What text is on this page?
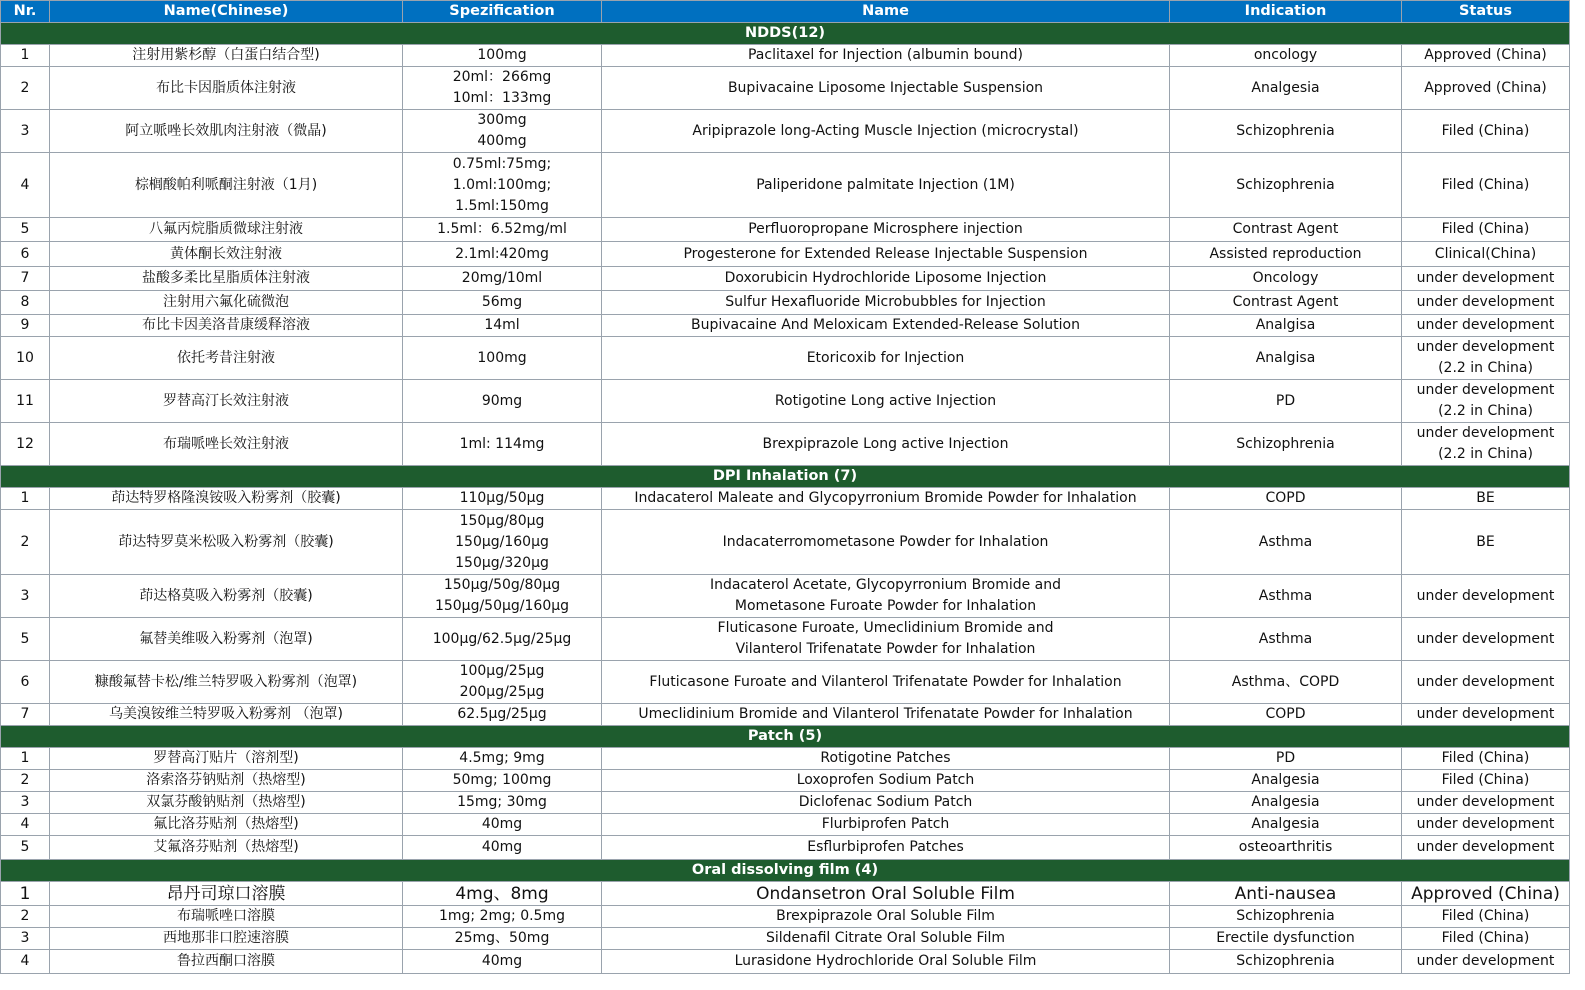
Nr.	Name(Chinese)	Spezification	Name	Indication	Status
NDDS(12)					
1	注射用紫杉醇（白蛋白结合型)	100mg	Paclitaxel for Injection (albumin bound)	oncology	Approved (China)

2	布比卡因脂质体注射液	20ml：266mg
10ml：133mg	Bupivacaine Liposome Injectable Suspension	Analgesia	Approved (China)

3	阿立哌唑长效肌肉注射液（微晶)	300mg
400mg	Aripiprazole long-Acting Muscle Injection (microcrystal)	Schizophrenia	Filed (China)

4	棕榈酸帕利哌酮注射液（1月)	0.75ml:75mg;
1.0ml:100mg;
1.5ml:150mg	Paliperidone palmitate Injection (1M)	Schizophrenia	Filed (China)

5	八氟丙烷脂质微球注射液	1.5ml：6.52mg/ml	Perfluoropropane Microsphere injection	Contrast Agent	Filed (China)

6	黄体酮长效注射液	2.1ml:420mg	Progesterone for Extended Release Injectable Suspension	Assisted reproduction	Clinical(China)

7	盐酸多柔比星脂质体注射液	20mg/10ml	Doxorubicin Hydrochloride Liposome Injection	Oncology	under development

8	注射用六氟化硫微泡	56mg	Sulfur Hexafluoride Microbubbles for Injection	Contrast Agent	under development

9	布比卡因美洛昔康缓释溶液	14ml	Bupivacaine And Meloxicam Extended-Release Solution	Analgisa	under development

10	依托考昔注射液	100mg	Etoricoxib for Injection	Analgisa	under development
(2.2 in China)

11	罗替高汀长效注射液	90mg	Rotigotine Long active Injection	PD	under development
(2.2 in China)

12	布瑞哌唑长效注射液	1ml: 114mg	Brexpiprazole Long active Injection	Schizophrenia	under development
(2.2 in China)

DPI Inhalation (7)					
1	茚达特罗格隆溴铵吸入粉雾剂（胶囊)	110μg/50μg	Indacaterol Maleate and Glycopyrronium Bromide Powder for Inhalation	COPD	BE

2	茚达特罗莫米松吸入粉雾剂（胶囊)	150μg/80μg
150μg/160μg
150μg/320μg	Indacaterromometasone Powder for Inhalation	Asthma	BE

3	茚达格莫吸入粉雾剂（胶囊)	150μg/50g/80μg
150μg/50μg/160μg	Indacaterol Acetate, Glycopyrronium Bromide and
Mometasone Furoate Powder for Inhalation	Asthma	under development

5	氟替美维吸入粉雾剂（泡罩)	100μg/62.5μg/25μg	Fluticasone Furoate, Umeclidinium Bromide and
Vilanterol Trifenatate Powder for Inhalation	Asthma	under development

6	糠酸氟替卡松/维兰特罗吸入粉雾剂（泡罩)	100μg/25μg
200μg/25μg	Fluticasone Furoate and Vilanterol Trifenatate Powder for Inhalation	Asthma、COPD	under development

7	乌美溴铵维兰特罗吸入粉雾剂 （泡罩)	62.5μg/25μg	Umeclidinium Bromide and Vilanterol Trifenatate Powder for Inhalation	COPD	under development

Patch (5)					
1	罗替高汀贴片（溶剂型)	4.5mg; 9mg	Rotigotine Patches	PD	Filed (China)

2	洛索洛芬钠贴剂（热熔型)	50mg; 100mg	Loxoprofen Sodium Patch	Analgesia	Filed (China)

3	双氯芬酸钠贴剂（热熔型)	15mg; 30mg	Diclofenac Sodium Patch	Analgesia	under development

4	氟比洛芬贴剂（热熔型)	40mg	Flurbiprofen Patch	Analgesia	under development

5	艾氟洛芬贴剂（热熔型)	40mg	Esflurbiprofen Patches	osteoarthritis	under development

Oral dissolving film (4)					
1	昂丹司琼口溶膜	4mg、8mg	Ondansetron Oral Soluble Film	Anti-nausea	Approved (China)

2	布瑞哌唑口溶膜	1mg; 2mg; 0.5mg	Brexpiprazole Oral Soluble Film	Schizophrenia	Filed (China)

3	西地那非口腔速溶膜	25mg、50mg	Sildenafil Citrate Oral Soluble Film	Erectile dysfunction	Filed (China)

4	鲁拉西酮口溶膜	40mg	Lurasidone Hydrochloride Oral Soluble Film	Schizophrenia	under development
